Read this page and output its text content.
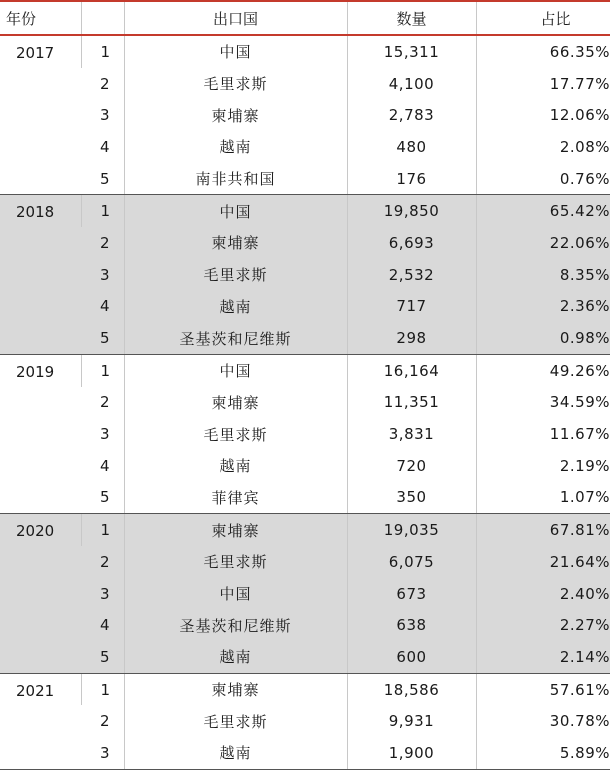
年份		出口国	数量	占比
2017	1	中国	15,311	66.35%
	2	毛里求斯	4,100	17.77%
	3	柬埔寨	2,783	12.06%
	4	越南	480	2.08%
	5	南非共和国	176	0.76%
2018	1	中国	19,850	65.42%
	2	柬埔寨	6,693	22.06%
	3	毛里求斯	2,532	8.35%
	4	越南	717	2.36%
	5	圣基茨和尼维斯	298	0.98%
2019	1	中国	16,164	49.26%
	2	柬埔寨	11,351	34.59%
	3	毛里求斯	3,831	11.67%
	4	越南	720	2.19%
	5	菲律宾	350	1.07%
2020	1	柬埔寨	19,035	67.81%
	2	毛里求斯	6,075	21.64%
	3	中国	673	2.40%
	4	圣基茨和尼维斯	638	2.27%
	5	越南	600	2.14%
2021	1	柬埔寨	18,586	57.61%
	2	毛里求斯	9,931	30.78%
	3	越南	1,900	5.89%
